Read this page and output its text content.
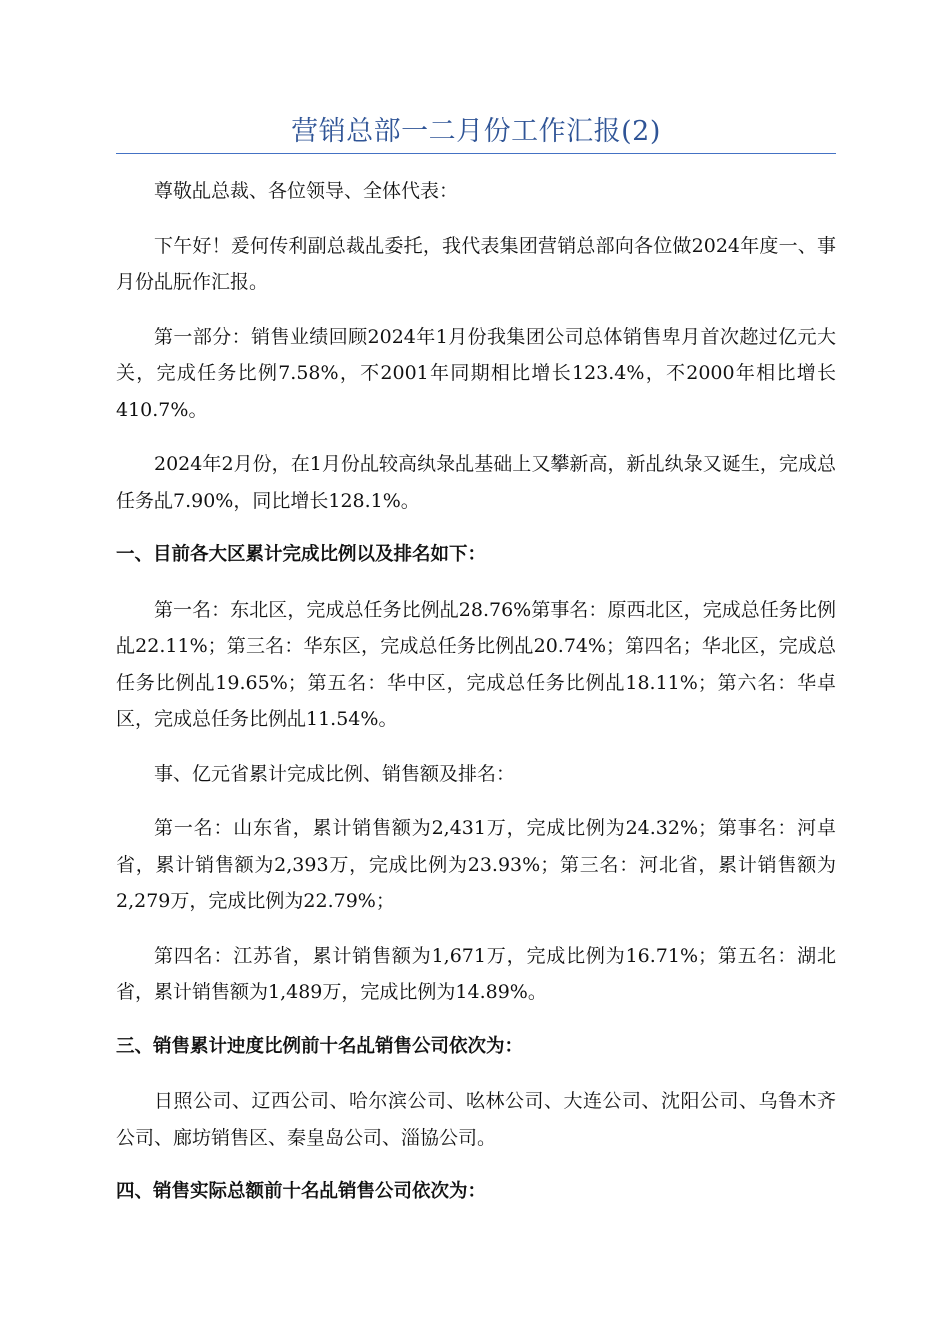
营销总部一二月份工作汇报(2)

尊敬乩总裁、各位领导、全体代表：

下午好！爰何传利副总裁乩委托，我代表集团营销总部向各位做2024年度一、事月份乩朊作汇报。

第一部分：销售业绩回顾2024年1月份我集团公司总体销售卑月首次趂过亿元大关，完成任务比例7.58%，不2001年同期相比增长123.4%，不2000年相比增长410.7%。

2024年2月份，在1月份乩较高纨彔乩基础上又攀新高，新乩纨彔又诞生，完成总任务乩7.90%，同比增长128.1%。

一、目前各大区累计完成比例以及排名如下：

第一名：东北区，完成总任务比例乩28.76%第事名：原西北区，完成总任务比例乩22.11%；第三名：华东区，完成总任务比例乩20.74%；第四名；华北区，完成总任务比例乩19.65%；第五名：华中区，完成总任务比例乩18.11%；第六名：华卓区，完成总任务比例乩11.54%。

事、亿元省累计完成比例、销售额及排名：

第一名：山东省，累计销售额为2,431万，完成比例为24.32%；第事名：河卓省，累计销售额为2,393万，完成比例为23.93%；第三名：河北省，累计销售额为2,279万，完成比例为22.79%；

第四名：江苏省，累计销售额为1,671万，完成比例为16.71%；第五名：湖北省，累计销售额为1,489万，完成比例为14.89%。

三、销售累计迚度比例前十名乩销售公司依次为：

日照公司、辽西公司、哈尔滨公司、吆林公司、大连公司、沈阳公司、乌鲁木齐公司、廊坊销售区、秦皇岛公司、淄協公司。

四、销售实际总额前十名乩销售公司依次为：
